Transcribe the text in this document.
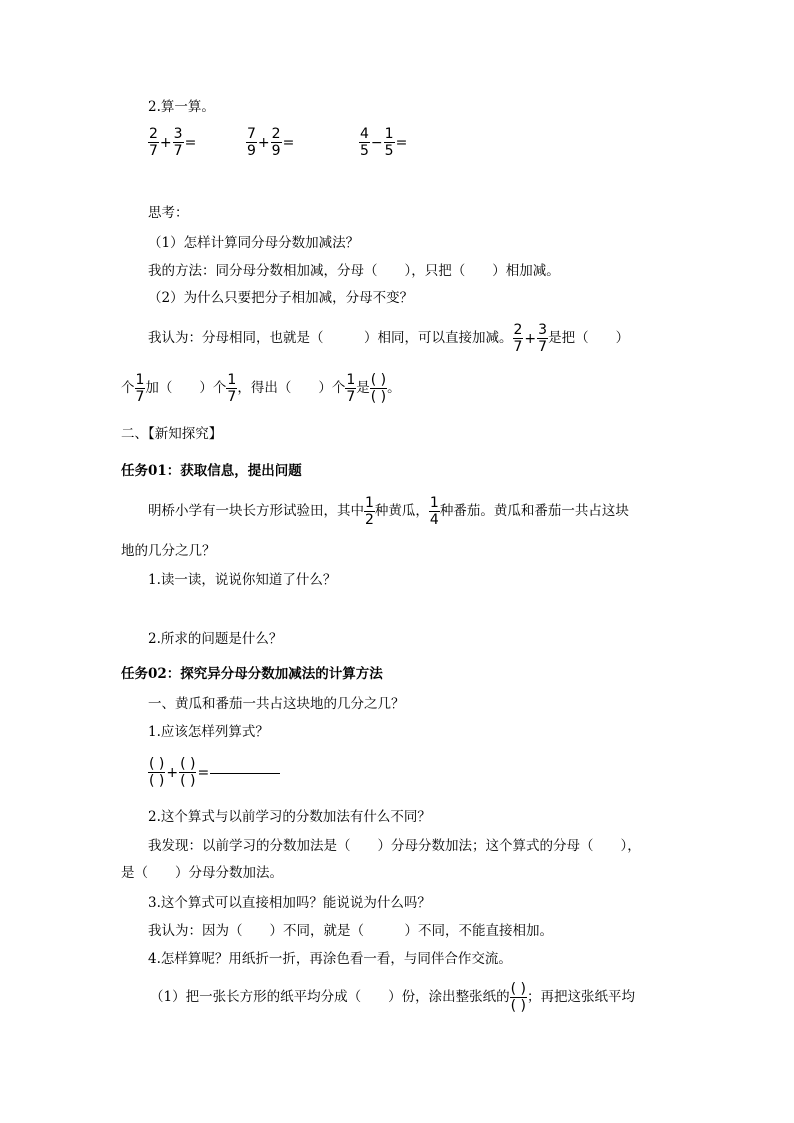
2.算一算。
$\frac{2}{7} + \frac{3}{7}$ =	$\frac{7}{9} + \frac{2}{9}$ =	$\frac{4}{5} - \frac{1}{5}$ =
思考：
（1）怎样计算同分母分数加减法？
我的方法：同分母分数相加减，分母（　　），只把（　　）相加减。
（2）为什么只要把分子相加减，分母不变？
我认为：分母相同，也就是（　　　）相同，可以直接加减。 $\frac{2}{7} + \frac{3}{7}$ 是把（　　）
个 $\frac{1}{7}$ 加（　　）个 $\frac{1}{7}$ ，得出（　　）个 $\frac{1}{7}$ 是 ( )
( )
。
二、【新知探究】
任务01：获取信息，提出问题
明桥小学有一块长方形试验田，其中 $\frac{1}{2}$ 种黄瓜， $\frac{1}{4}$ 种番茄。黄瓜和番茄一共占这块
地的几分之几？
1.读一读，说说你知道了什么？
2.所求的问题是什么？
任务02：探究异分母分数加减法的计算方法
一、黄瓜和番茄一共占这块地的几分之几？
1.应该怎样列算式？
( )
( )
+
( )
( )
=
2.这个算式与以前学习的分数加法有什么不同？
我发现：以前学习的分数加法是（　　）分母分数加法；这个算式的分母（　　），
是（　　）分母分数加法。
3.这个算式可以直接相加吗？能说说为什么吗？
我认为：因为（　　）不同，就是（　　　）不同，不能直接相加。
4.怎样算呢？用纸折一折，再涂色看一看，与同伴合作交流。
（1）把一张长方形的纸平均分成（　　）份，涂出整张纸的 ( )
( )
；再把这张纸平均
